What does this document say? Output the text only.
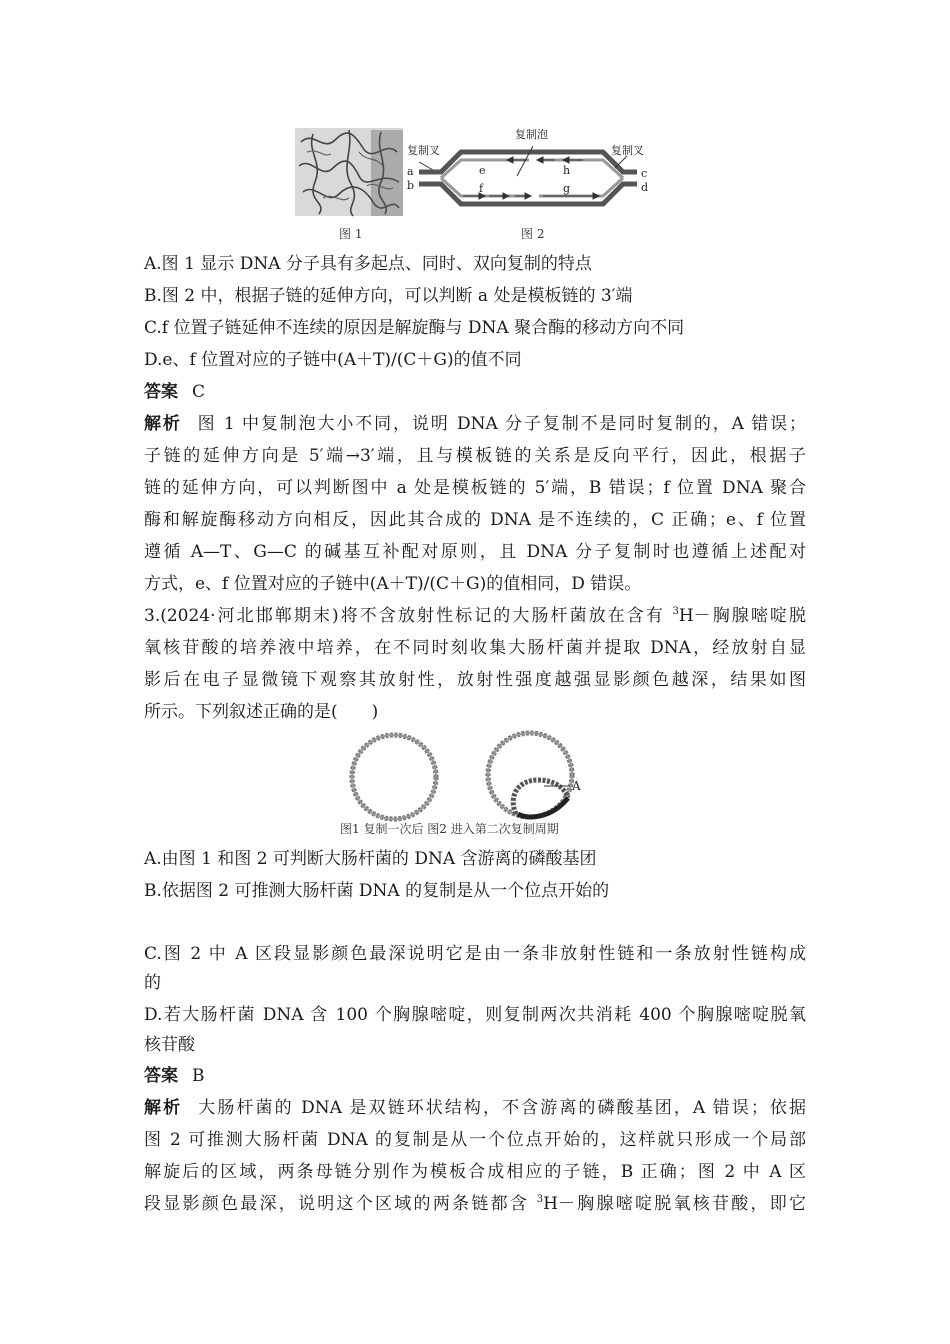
图 1
复制泡
复制叉	复制叉
a
b
c
d
e
f	g
h
图 2
A.图 1 显示 DNA 分子具有多起点、同时、双向复制的特点
B.图 2 中，根据子链的延伸方向，可以判断 a 处是模板链的 3′端
C.f 位置子链延伸不连续的原因是解旋酶与 DNA 聚合酶的移动方向不同
D.e、f 位置对应的子链中(A＋T)/(C＋G)的值不同
答案 C
解析 图 1 中复制泡大小不同，说明 DNA 分子复制不是同时复制的，A 错误；
子链的延伸方向是 5′端→3′端，且与模板链的关系是反向平行，因此，根据子
链的延伸方向，可以判断图中 a 处是模板链的 5′端，B 错误；f 位置 DNA 聚合
酶和解旋酶移动方向相反，因此其合成的 DNA 是不连续的，C 正确；e、f 位置
遵循 A—T、G—C 的碱基互补配对原则，且 DNA 分子复制时也遵循上述配对
方式，e、f 位置对应的子链中(A＋T)/(C＋G)的值相同，D 错误。
3.(2024·河北邯郸期末)将不含放射性标记的大肠杆菌放在含有 $^3$H－胸腺嘧啶脱
氧核苷酸的培养液中培养，在不同时刻收集大肠杆菌并提取 DNA，经放射自显
影后在电子显微镜下观察其放射性，放射性强度越强显影颜色越深，结果如图
所示。下列叙述正确的是(　　)
A
图1 复制一次后 图2 进入第二次复制周期
A.由图 1 和图 2 可判断大肠杆菌的 DNA 含游离的磷酸基团
B.依据图 2 可推测大肠杆菌 DNA 的复制是从一个位点开始的
C.图 2 中 A 区段显影颜色最深说明它是由一条非放射性链和一条放射性链构成
的
D.若大肠杆菌 DNA 含 100 个胸腺嘧啶，则复制两次共消耗 400 个胸腺嘧啶脱氧
核苷酸
答案 B
解析 大肠杆菌的 DNA 是双链环状结构，不含游离的磷酸基团，A 错误；依据
图 2 可推测大肠杆菌 DNA 的复制是从一个位点开始的，这样就只形成一个局部
解旋后的区域，两条母链分别作为模板合成相应的子链，B 正确；图 2 中 A 区
段显影颜色最深，说明这个区域的两条链都含 $^3$H－胸腺嘧啶脱氧核苷酸，即它
